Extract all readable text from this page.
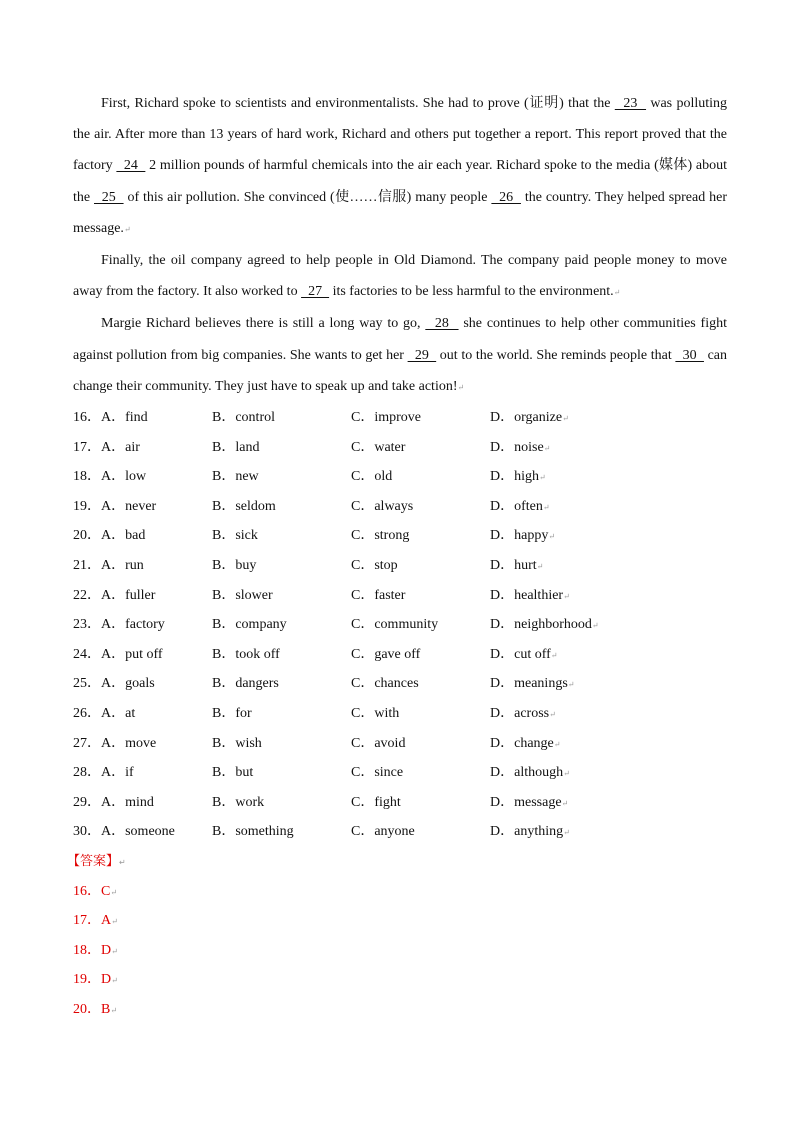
First, Richard spoke to scientists and environmentalists. She had to prove (证明) that the   23   was polluting the air. After more than 13 years of hard work, Richard and others put together a report. This report proved that the factory   24   2 million pounds of harmful chemicals into the air each year. Richard spoke to the media (媒体) about the   25   of this air pollution. She convinced (使……信服) many people   26   the country. They helped spread her message.↵

Finally, the oil company agreed to help people in Old Diamond. The company paid people money to move away from the factory. It also worked to   27   its factories to be less harmful to the environment.↵

Margie Richard believes there is still a long way to go,   28   she continues to help other communities fight against pollution from big companies. She wants to get her   29   out to the world. She reminds people that   30   can change their community. They just have to speak up and take action!↵

16．A．find	B．control	C．improve	D．organize↵
17．A．air	B．land	C．water	D．noise↵
18．A．low	B．new	C．old	D．high↵
19．A．never	B．seldom	C．always	D．often↵
20．A．bad	B．sick	C．strong	D．happy↵
21．A．run	B．buy	C．stop	D．hurt↵
22．A．fuller	B．slower	C．faster	D．healthier↵
23．A．factory	B．company	C．community	D．neighborhood↵
24．A．put off	B．took off	C．gave off	D．cut off↵
25．A．goals	B．dangers	C．chances	D．meanings↵
26．A．at	B．for	C．with	D．across↵
27．A．move	B．wish	C．avoid	D．change↵
28．A．if	B．but	C．since	D．although↵
29．A．mind	B．work	C．fight	D．message↵
30．A．someone	B．something	C．anyone	D．anything↵
【答案】↵
16．C↵
17．A↵
18．D↵
19．D↵
20．B↵
